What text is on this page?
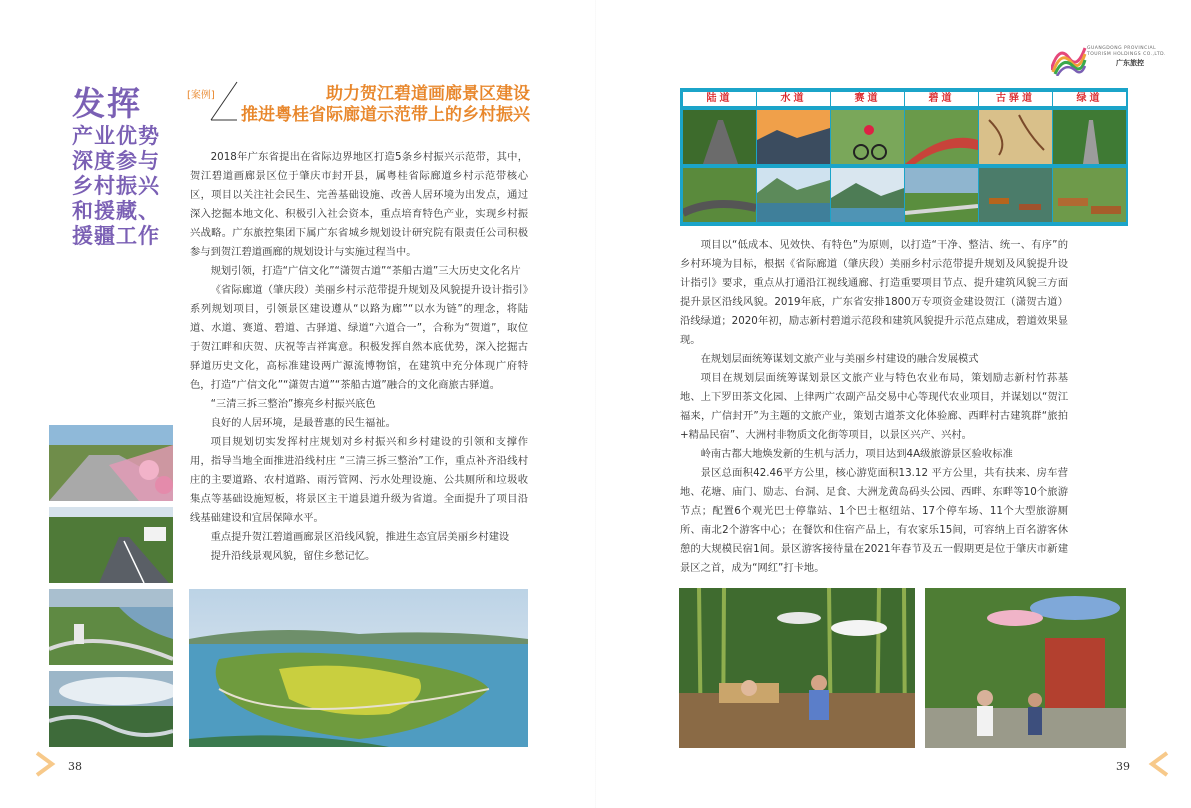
发挥
产业优势
深度参与
乡村振兴
和援藏、
援疆工作
[案例]	助力贺江碧道画廊景区建设
推进粤桂省际廊道示范带上的乡村振兴

2018年广东省提出在省际边界地区打造5条乡村振兴示范带，其中，贺江碧道画廊景区位于肇庆市封开县，属粤桂省际廊道乡村示范带核心区，项目以关注社会民生、完善基础设施、改善人居环境为出发点，通过深入挖掘本地文化、积极引入社会资本，重点培育特色产业，实现乡村振兴战略。广东旅控集团下属广东省城乡规划设计研究院有限责任公司积极参与到贺江碧道画廊的规划设计与实施过程当中。

规划引领，打造“广信文化”“潇贺古道”“茶船古道”三大历史文化名片

《省际廊道（肇庆段）美丽乡村示范带提升规划及风貌提升设计指引》系列规划项目，引领景区建设遵从“以路为廊”“以水为链”的理念，将陆道、水道、赛道、碧道、古驿道、绿道“六道合一”，合称为“贺道”，取位于贺江畔和庆贺、庆祝等吉祥寓意。积极发挥自然本底优势，深入挖掘古驿道历史文化，高标准建设两广源流博物馆，在建筑中充分体现广府特色，打造“广信文化”“潇贺古道”“茶船古道”融合的文化商旅古驿道。

“三清三拆三整治”擦亮乡村振兴底色

良好的人居环境，是最普惠的民生福祉。

项目规划切实发挥村庄规划对乡村振兴和乡村建设的引领和支撑作用，指导当地全面推进沿线村庄 “三清三拆三整治”工作，重点补齐沿线村庄的主要道路、农村道路、雨污管网、污水处理设施、公共厕所和垃圾收集点等基础设施短板，将景区主干道县道升级为省道。全面提升了项目沿线基础建设和宜居保障水平。

重点提升贺江碧道画廊景区沿线风貌，推进生态宜居美丽乡村建设

提升沿线景观风貌，留住乡愁记忆。

38
GUANGDONG PROVINCIAL
TOURISM HOLDINGS CO.,LTD.
广东旅控

项目以“低成本、见效快、有特色”为原则，以打造“干净、整洁、统一、有序”的乡村环境为目标，根据《省际廊道（肇庆段）美丽乡村示范带提升规划及风貌提升设计指引》要求，重点从打通沿江视线通廊、打造重要项目节点、提升建筑风貌三方面提升景区沿线风貌。2019年底，广东省安排1800万专项资金建设贺江（潇贺古道）沿线绿道；2020年初，励志新村碧道示范段和建筑风貌提升示范点建成，碧道效果显现。

在规划层面统筹谋划文旅产业与美丽乡村建设的融合发展模式

项目在规划层面统筹谋划景区文旅产业与特色农业布局，策划励志新村竹荪基地、上下罗田茶文化园、上律两广农副产品交易中心等现代农业项目，并谋划以“贺江福来，广信封开”为主题的文旅产业，策划古道茶文化体验廊、西畔村古建筑群“旅拍+精品民宿”、大洲村非物质文化街等项目，以景区兴产、兴村。

岭南古都大地焕发新的生机与活力，项目达到4A级旅游景区验收标准

景区总面积42.46平方公里，核心游览面积13.12 平方公里，共有扶来、房车营地、花塘、庙门、励志、台洞、足食、大洲龙黄岛码头公园、西畔、东畔等10个旅游节点；配置6个观光巴士停靠站、1个巴士枢纽站、17个停车场、11个大型旅游厕所、南北2个游客中心；在餐饮和住宿产品上，有农家乐15间，可容纳上百名游客休憩的大规模民宿1间。景区游客接待量在2021年春节及五一假期更是位于肇庆市新建景区之首，成为“网红”打卡地。

39
陆道	水道	赛道	碧道	古驿道	绿道
